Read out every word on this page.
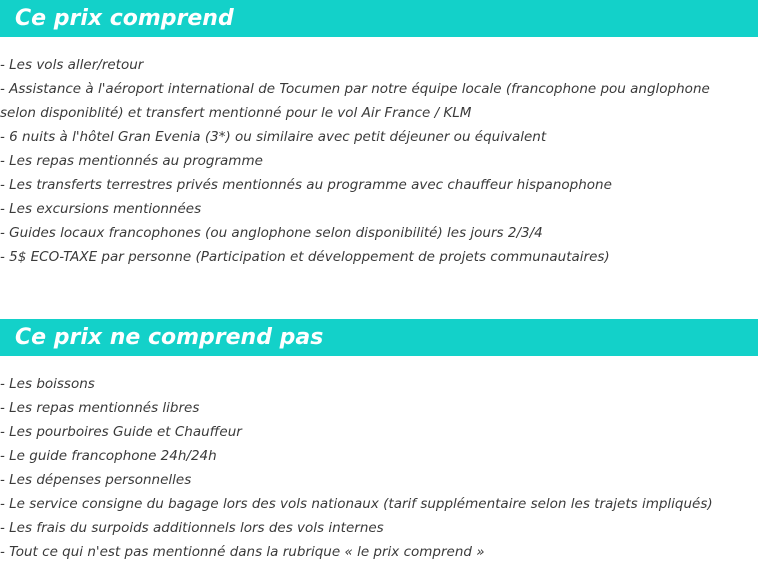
Ce prix comprend
- Les vols aller/retour
- Assistance à l'aéroport international de Tocumen par notre équipe locale (francophone pou anglophone selon disponiblité) et transfert mentionné pour le vol Air France / KLM
- 6 nuits à l'hôtel Gran Evenia (3*) ou similaire avec petit déjeuner ou équivalent
- Les repas mentionnés au programme
- Les transferts terrestres privés mentionnés au programme avec chauffeur hispanophone
- Les excursions mentionnées
- Guides locaux francophones (ou anglophone selon disponibilité) les jours 2/3/4
- 5$ ECO-TAXE par personne (Participation et développement de projets communautaires)
Ce prix ne comprend pas
- Les boissons
- Les repas mentionnés libres
- Les pourboires Guide et Chauffeur
- Le guide francophone 24h/24h
- Les dépenses personnelles
- Le service consigne du bagage lors des vols nationaux (tarif supplémentaire selon les trajets impliqués)
- Les frais du surpoids additionnels lors des vols internes
- Tout ce qui n'est pas mentionné dans la rubrique « le prix comprend »
